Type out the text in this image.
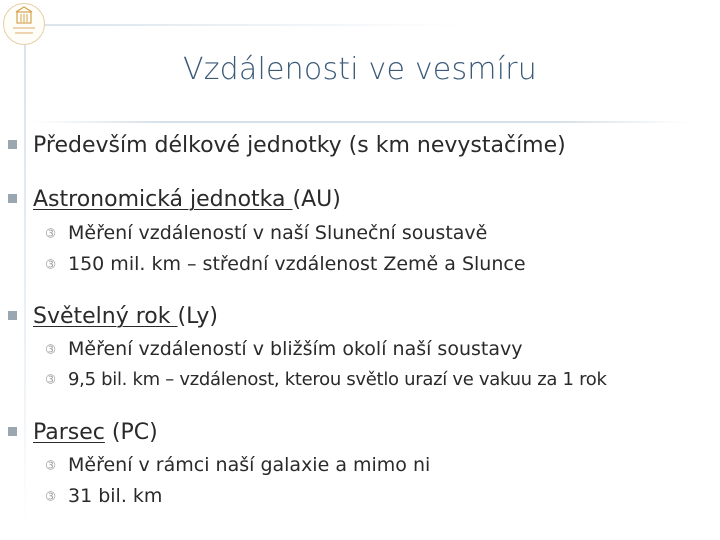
Vzdálenosti ve vesmíru
Především délkové jednotky (s km nevystačíme)
Astronomická jednotka (AU)
➂ Měření vzdáleností v naší Sluneční soustavě
➂ 150 mil. km – střední vzdálenost Země a Slunce
Světelný rok (Ly)
➂ Měření vzdáleností v bližším okolí naší soustavy
➂ 9,5 bil. km – vzdálenost, kterou světlo urazí ve vakuu za 1 rok
Parsec (PC)
➂ Měření v rámci naší galaxie a mimo ni
➂ 31 bil. km
